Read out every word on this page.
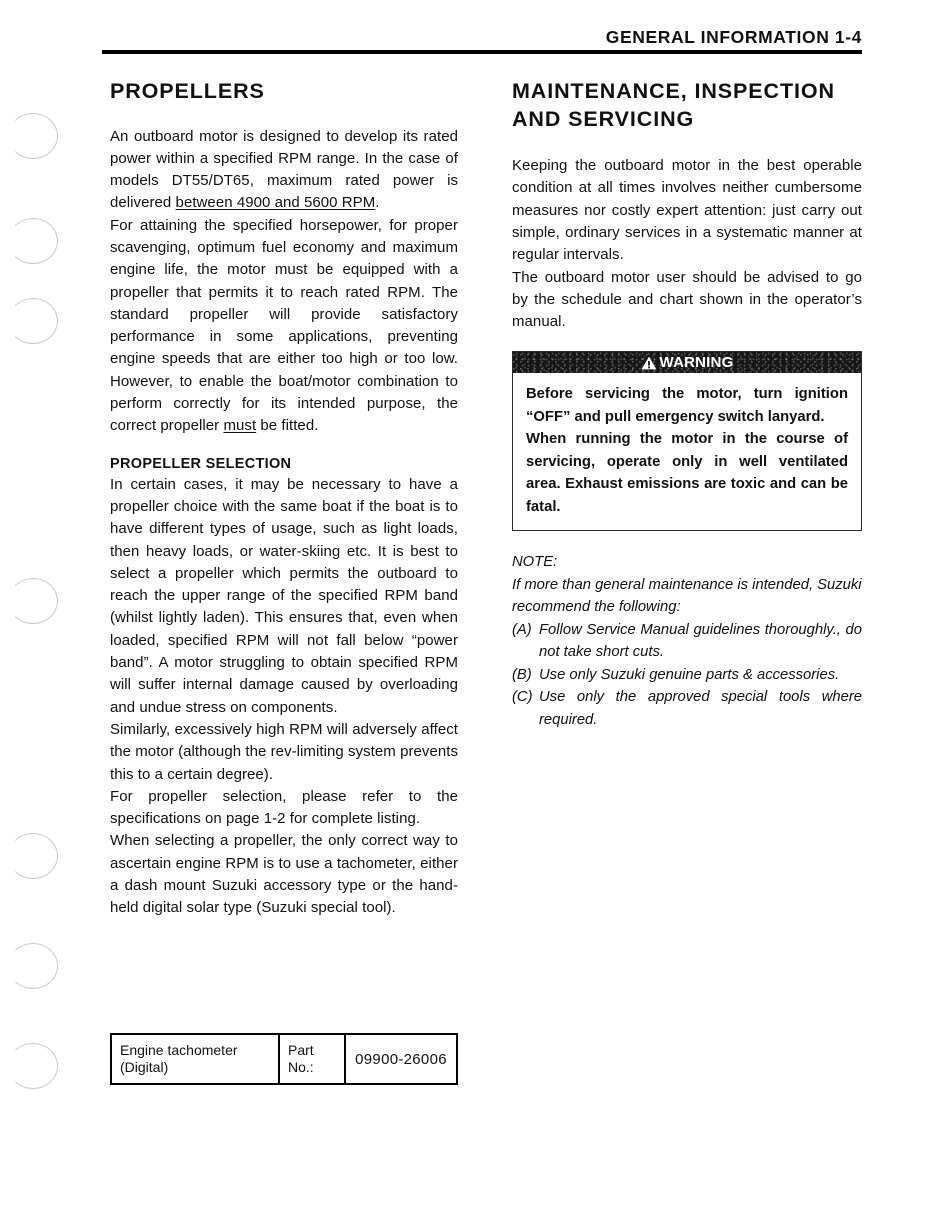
GENERAL INFORMATION 1-4
PROPELLERS

An outboard motor is designed to develop its rated power within a specified RPM range. In the case of models DT55/DT65, maximum rated power is delivered between 4900 and 5600 RPM.

For attaining the specified horsepower, for proper scavenging, optimum fuel economy and maximum engine life, the motor must be equipped with a propeller that permits it to reach rated RPM. The standard propeller will provide satisfactory performance in some applications, preventing engine speeds that are either too high or too low. However, to enable the boat/motor combination to perform correctly for its intended purpose, the correct propeller must be fitted.

PROPELLER SELECTION

In certain cases, it may be necessary to have a propeller choice with the same boat if the boat is to have different types of usage, such as light loads, then heavy loads, or water-skiing etc. It is best to select a propeller which permits the outboard to reach the upper range of the specified RPM band (whilst lightly laden). This ensures that, even when loaded, specified RPM will not fall below “power band”. A motor struggling to obtain specified RPM will suffer internal damage caused by overloading and undue stress on components.

Similarly, excessively high RPM will adversely affect the motor (although the rev-limiting system prevents this to a certain degree).

For propeller selection, please refer to the specifications on page 1-2 for complete listing.

When selecting a propeller, the only correct way to ascertain engine RPM is to use a tachometer, either a dash mount Suzuki accessory type or the hand-held digital solar type (Suzuki special tool).

Engine tachometer
(Digital)
Part No.:	09900-26006
MAINTENANCE, INSPECTION
AND SERVICING

Keeping the outboard motor in the best operable condition at all times involves neither cumbersome measures nor costly expert attention: just carry out simple, ordinary services in a systematic manner at regular intervals.

The outboard motor user should be advised to go by the schedule and chart shown in the operator’s manual.

WARNING

Before servicing the motor, turn ignition “OFF” and pull emergency switch lanyard.

When running the motor in the course of servicing, operate only in well ventilated area. Exhaust emissions are toxic and can be fatal.

NOTE:

If more than general maintenance is intended, Suzuki recommend the following:

(A) Follow Service Manual guidelines thoroughly., do not take short cuts.
(B) Use only Suzuki genuine parts & accessories.
(C) Use only the approved special tools where required.
